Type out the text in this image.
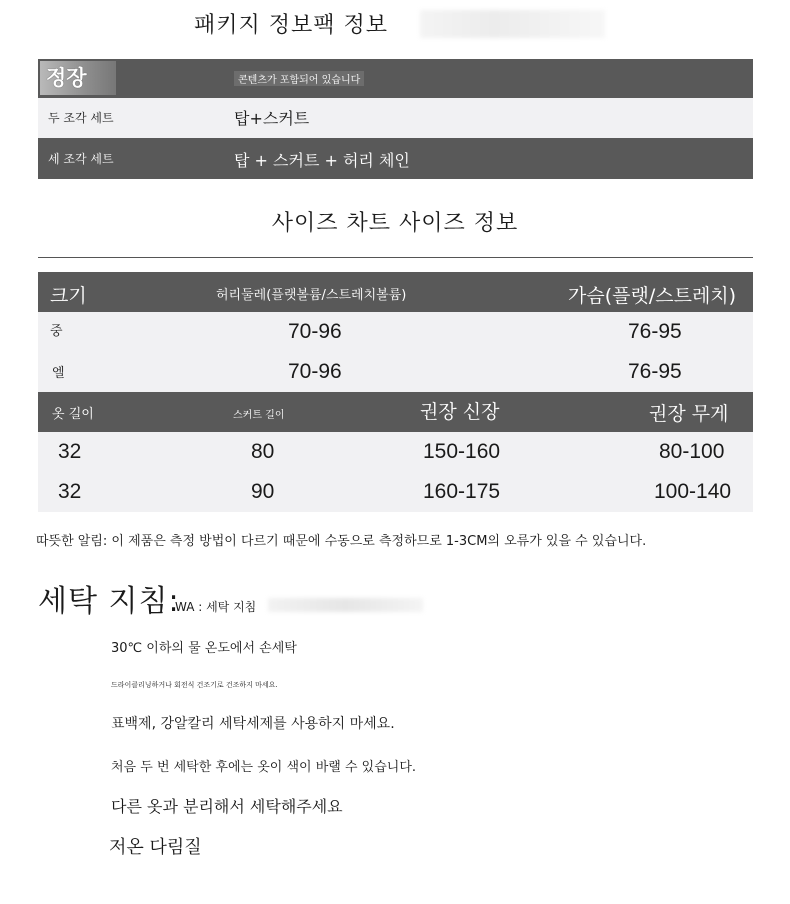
패키지 정보팩 정보
정장	콘텐츠가 포함되어 있습니다
두 조각 세트	탑+스커트
세 조각 세트	탑 + 스커트 + 허리 체인
사이즈 차트 사이즈 정보
크기	허리둘레(플랫볼륨/스트레치볼륨)	가슴(플랫/스트레치)
중	70-96	76-95
엘	70-96	76-95
옷 길이	스커트 길이	권장 신장	권장 무게
32	80	150-160	80-100
32	90	160-175	100-140
따뜻한 알림: 이 제품은 측정 방법이 다르기 때문에 수동으로 측정하므로 1-3CM의 오류가 있을 수 있습니다.
세탁 지침:
WA : 세탁 지침
30℃ 이하의 물 온도에서 손세탁
드라이클리닝하거나 회전식 건조기로 건조하지 마세요.
표백제, 강알칼리 세탁세제를 사용하지 마세요.
처음 두 번 세탁한 후에는 옷이 색이 바랠 수 있습니다.
다른 옷과 분리해서 세탁해주세요
저온 다림질
